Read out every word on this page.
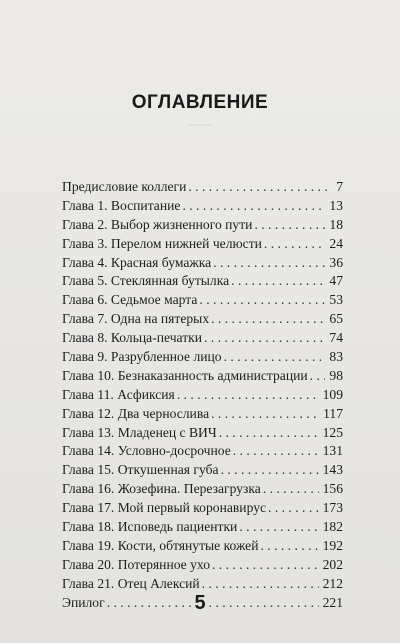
ОГЛАВЛЕНИЕ
Предисловие коллеги . . .	7
Глава 1. Воспитание . . .	13
Глава 2. Выбор жизненного пути . . .	18
Глава 3. Перелом нижней челюсти . . .	24
Глава 4. Красная бумажка . . .	36
Глава 5. Стеклянная бутылка . . .	47
Глава 6. Седьмое марта . . .	53
Глава 7. Одна на пятерых . . .	65
Глава 8. Кольца-печатки . . .	74
Глава 9. Разрубленное лицо . . .	83
Глава 10. Безнаказанность администрации . . . 98
Глава 11. Асфиксия . . .	109
Глава 12. Два чернослива . . .	117
Глава 13. Младенец с ВИЧ . . .	125
Глава 14. Условно-досрочное . . .	131
Глава 15. Откушенная губа . . .	143
Глава 16. Жозефина. Перезагрузка . . .	156
Глава 17. Мой первый коронавирус . . .	173
Глава 18. Исповедь пациентки . . .	182
Глава 19. Кости, обтянутые кожей . . .	192
Глава 20. Потерянное ухо . . .	202
Глава 21. Отец Алексий . . .	212
Эпилог . . .	221
5
